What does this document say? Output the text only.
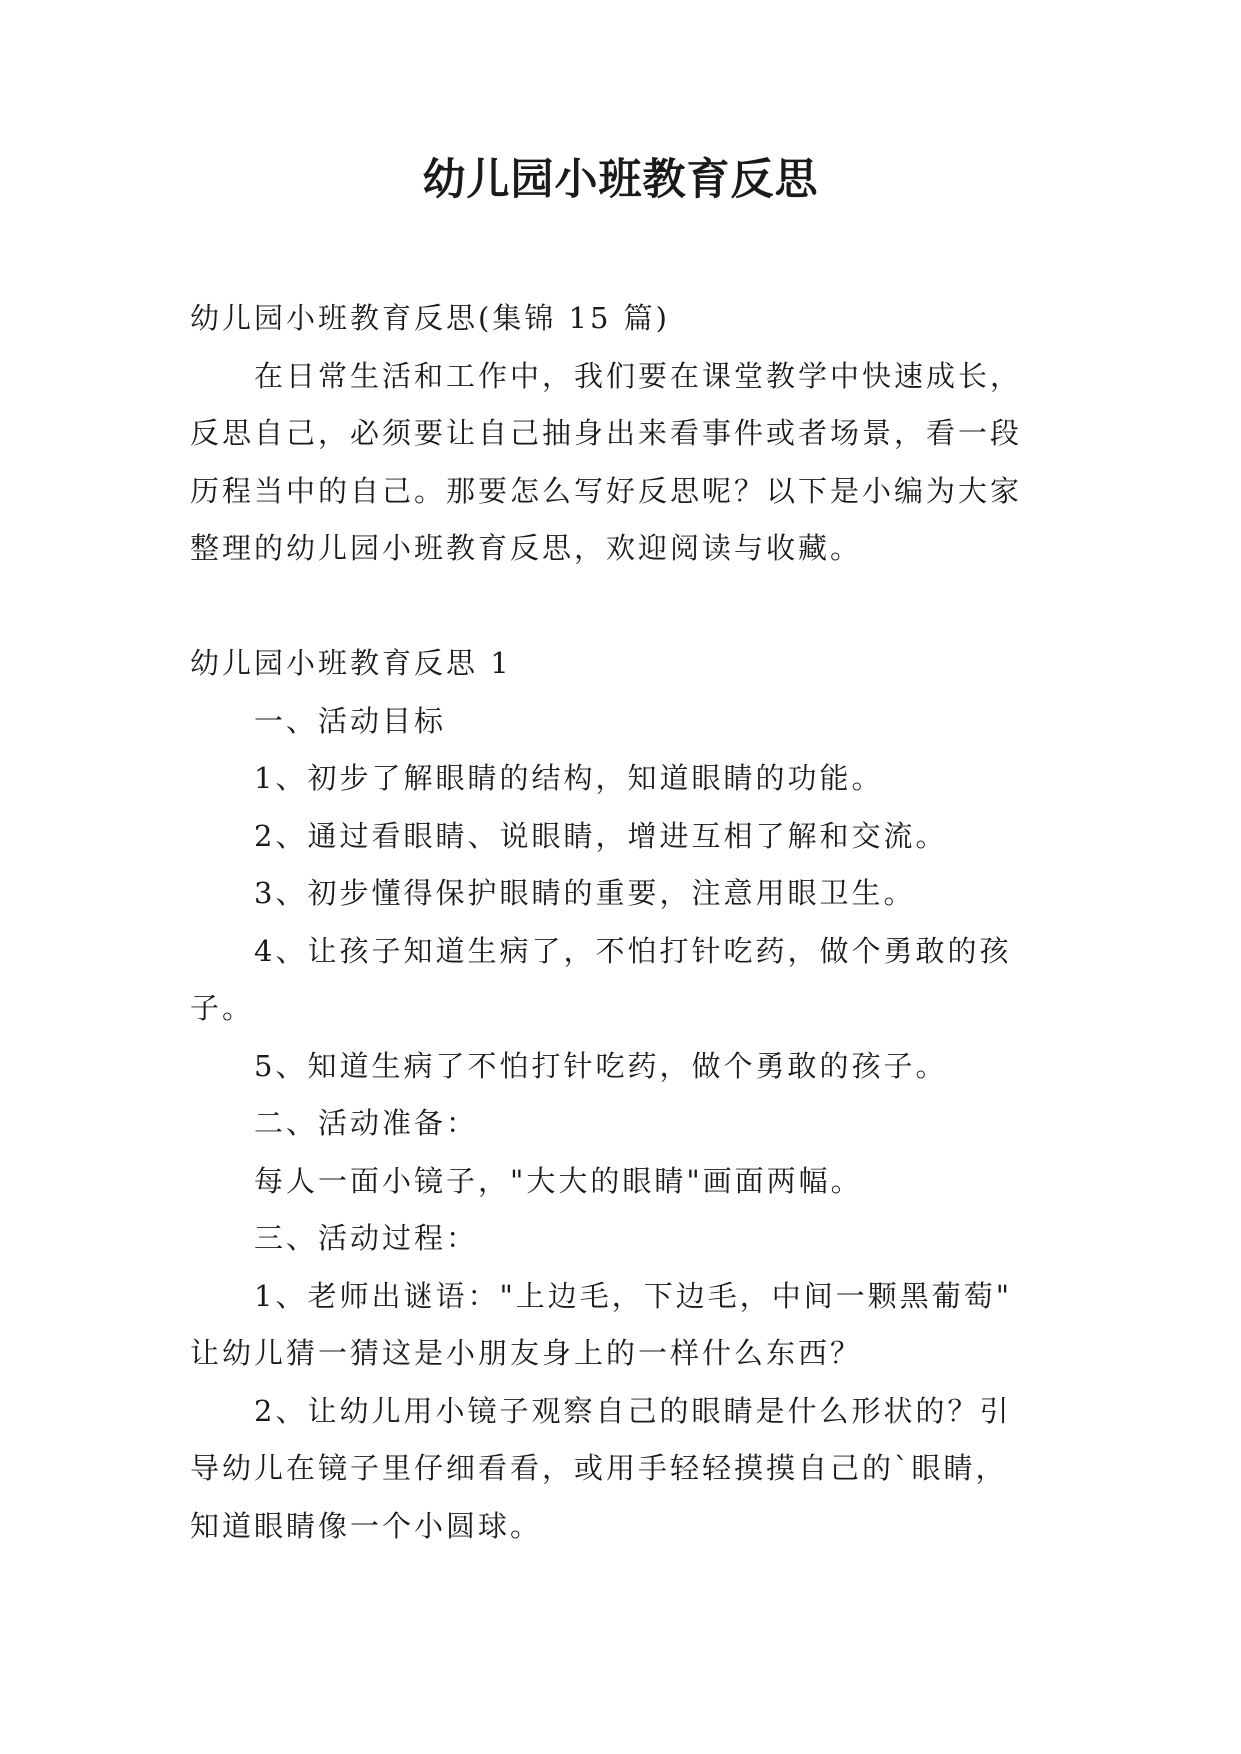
幼儿园小班教育反思

幼儿园小班教育反思(集锦 15 篇)

在日常生活和工作中，我们要在课堂教学中快速成长，

反思自己，必须要让自己抽身出来看事件或者场景，看一段

历程当中的自己。那要怎么写好反思呢？以下是小编为大家

整理的幼儿园小班教育反思，欢迎阅读与收藏。

幼儿园小班教育反思 1

一、活动目标

1、初步了解眼睛的结构，知道眼睛的功能。

2、通过看眼睛、说眼睛，增进互相了解和交流。

3、初步懂得保护眼睛的重要，注意用眼卫生。

4、让孩子知道生病了，不怕打针吃药，做个勇敢的孩

子。

5、知道生病了不怕打针吃药，做个勇敢的孩子。

二、活动准备：

每人一面小镜子，"大大的眼睛"画面两幅。

三、活动过程：

1、老师出谜语："上边毛，下边毛，中间一颗黑葡萄"

让幼儿猜一猜这是小朋友身上的一样什么东西？

2、让幼儿用小镜子观察自己的眼睛是什么形状的？引

导幼儿在镜子里仔细看看，或用手轻轻摸摸自己的`眼睛，

知道眼睛像一个小圆球。
